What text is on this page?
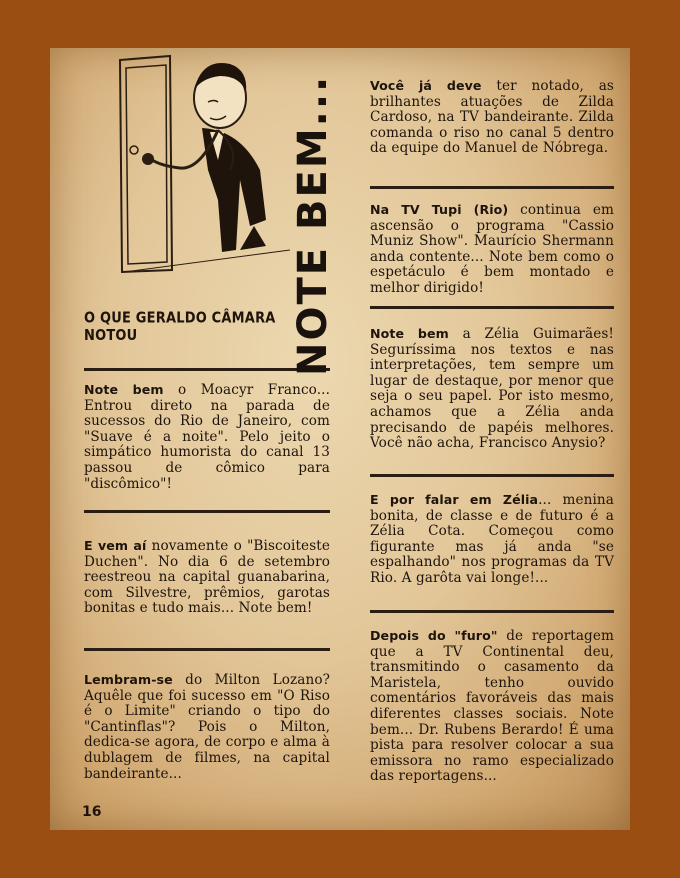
O QUE GERALDO CÂMARA NOTOU
Note bem o Moacyr Franco... Entrou direto na parada de sucessos do Rio de Janeiro, com "Suave é a noite". Pelo jeito o simpático humorista do canal 13 passou de cômico para "discômico"!
E vem aí novamente o "Biscoiteste Duchen". No dia 6 de setembro reestreou na capital guanabarina, com Silvestre, prêmios, garotas bonitas e tudo mais... Note bem!
Lembram-se do Milton Lozano? Aquêle que foi sucesso em "O Riso é o Limite" criando o tipo do "Cantinflas"? Pois o Milton, dedica-se agora, de corpo e alma à dublagem de filmes, na capital bandeirante...
NOTE BEM...	Você já deve ter notado, as brilhantes atuações de Zilda Cardoso, na TV bandeirante. Zilda comanda o riso no canal 5 dentro da equipe do Manuel de Nóbrega.
Na TV Tupi (Rio) continua em ascensão o programa "Cassio Muniz Show". Maurício Shermann anda contente... Note bem como o espetáculo é bem montado e melhor dirigido!
Note bem a Zélia Guimarães! Seguríssima nos textos e nas interpretações, tem sempre um lugar de destaque, por menor que seja o seu papel. Por isto mesmo, achamos que a Zélia anda precisando de papéis melhores. Você não acha, Francisco Anysio?
E por falar em Zélia... menina bonita, de classe e de futuro é a Zélia Cota. Começou como figurante mas já anda "se espalhando" nos programas da TV Rio. A garôta vai longe!...
Depois do "furo" de reportagem que a TV Continental deu, transmitindo o casamento da Maristela, tenho ouvido comentários favoráveis das mais diferentes classes sociais. Note bem... Dr. Rubens Berardo! É uma pista para resolver colocar a sua emissora no ramo especializado das reportagens...
16
